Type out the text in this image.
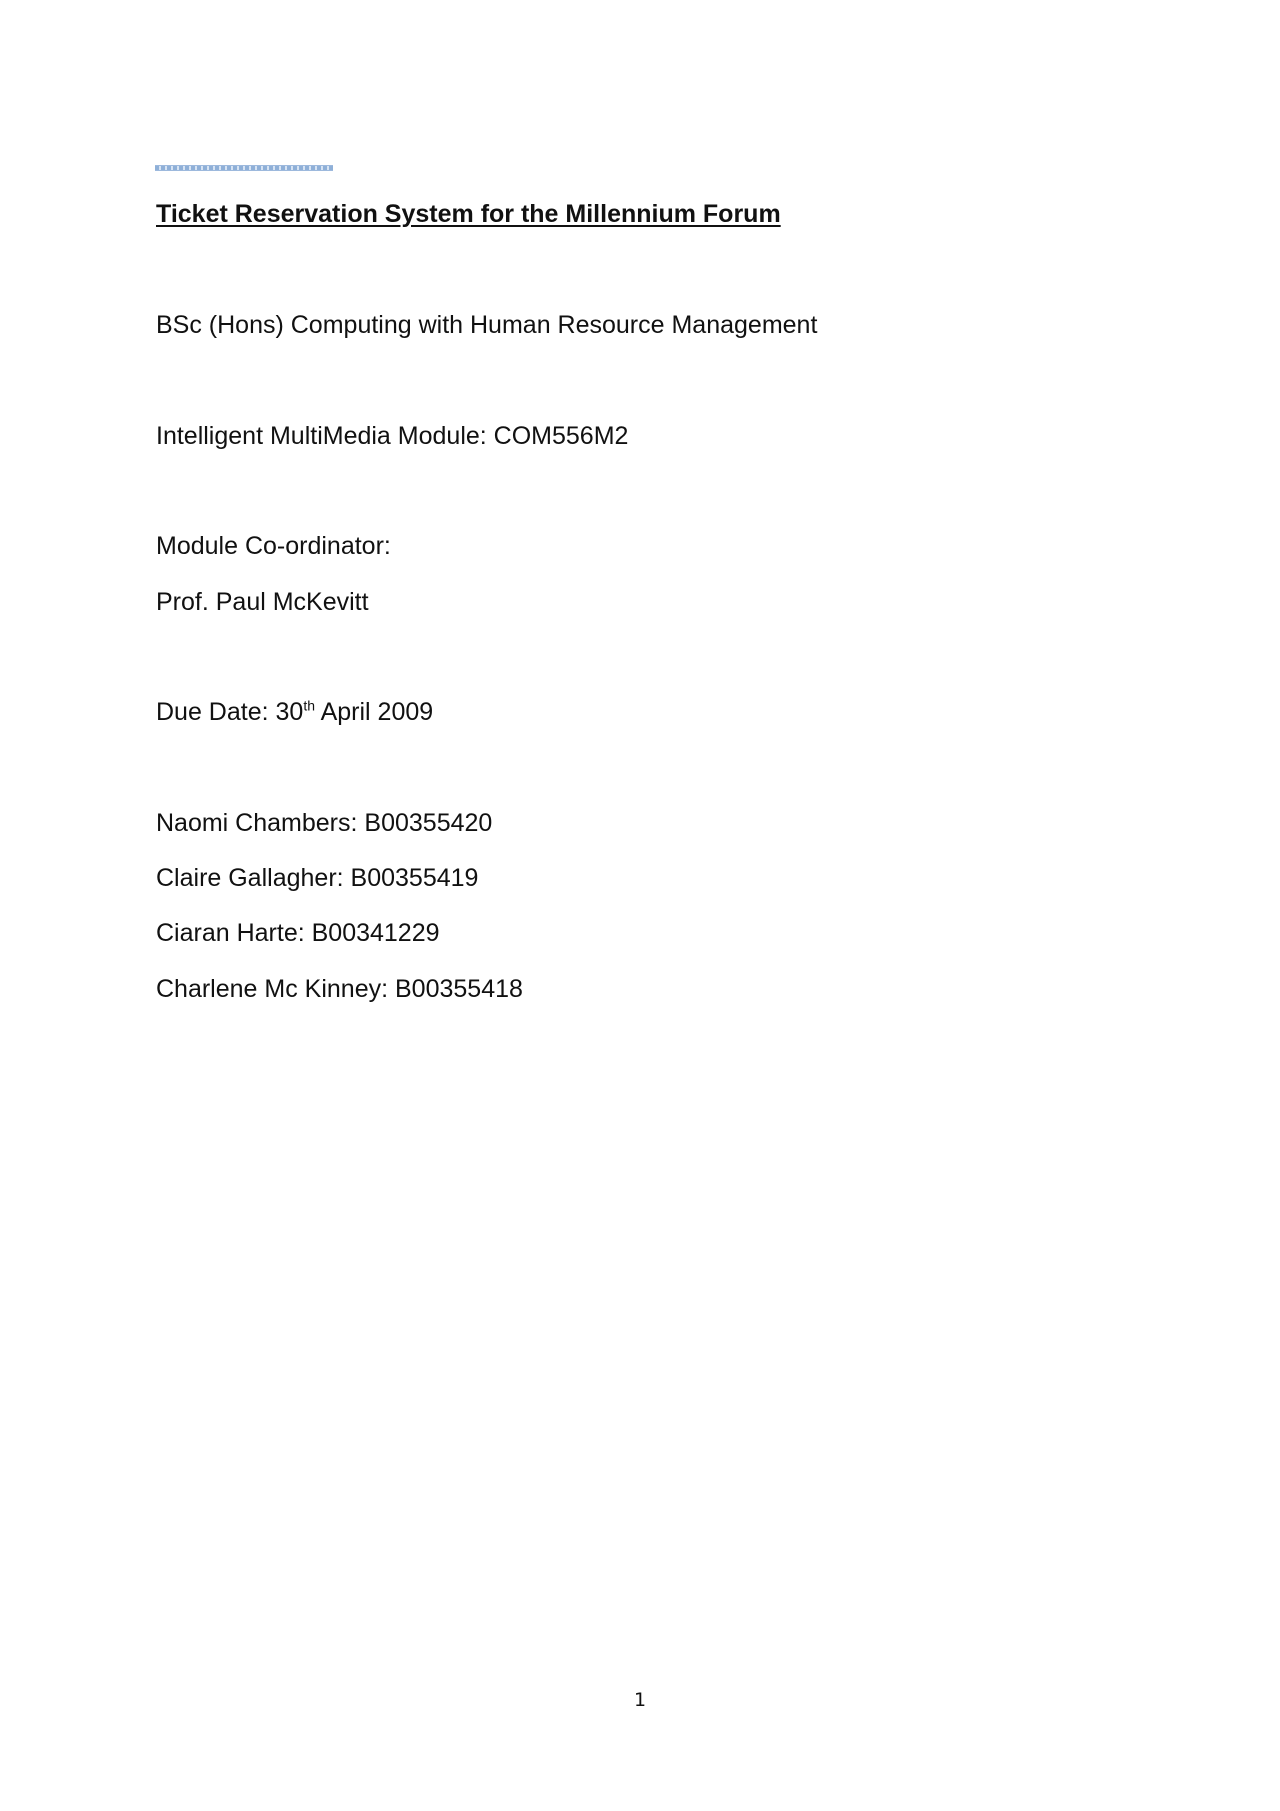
Ticket Reservation System for the Millennium Forum
BSc (Hons) Computing with Human Resource Management
Intelligent MultiMedia Module: COM556M2
Module Co-ordinator:
Prof. Paul McKevitt
Due Date: 30th April 2009
Naomi Chambers: B00355420
Claire Gallagher: B00355419
Ciaran Harte: B00341229
Charlene Mc Kinney: B00355418
1
